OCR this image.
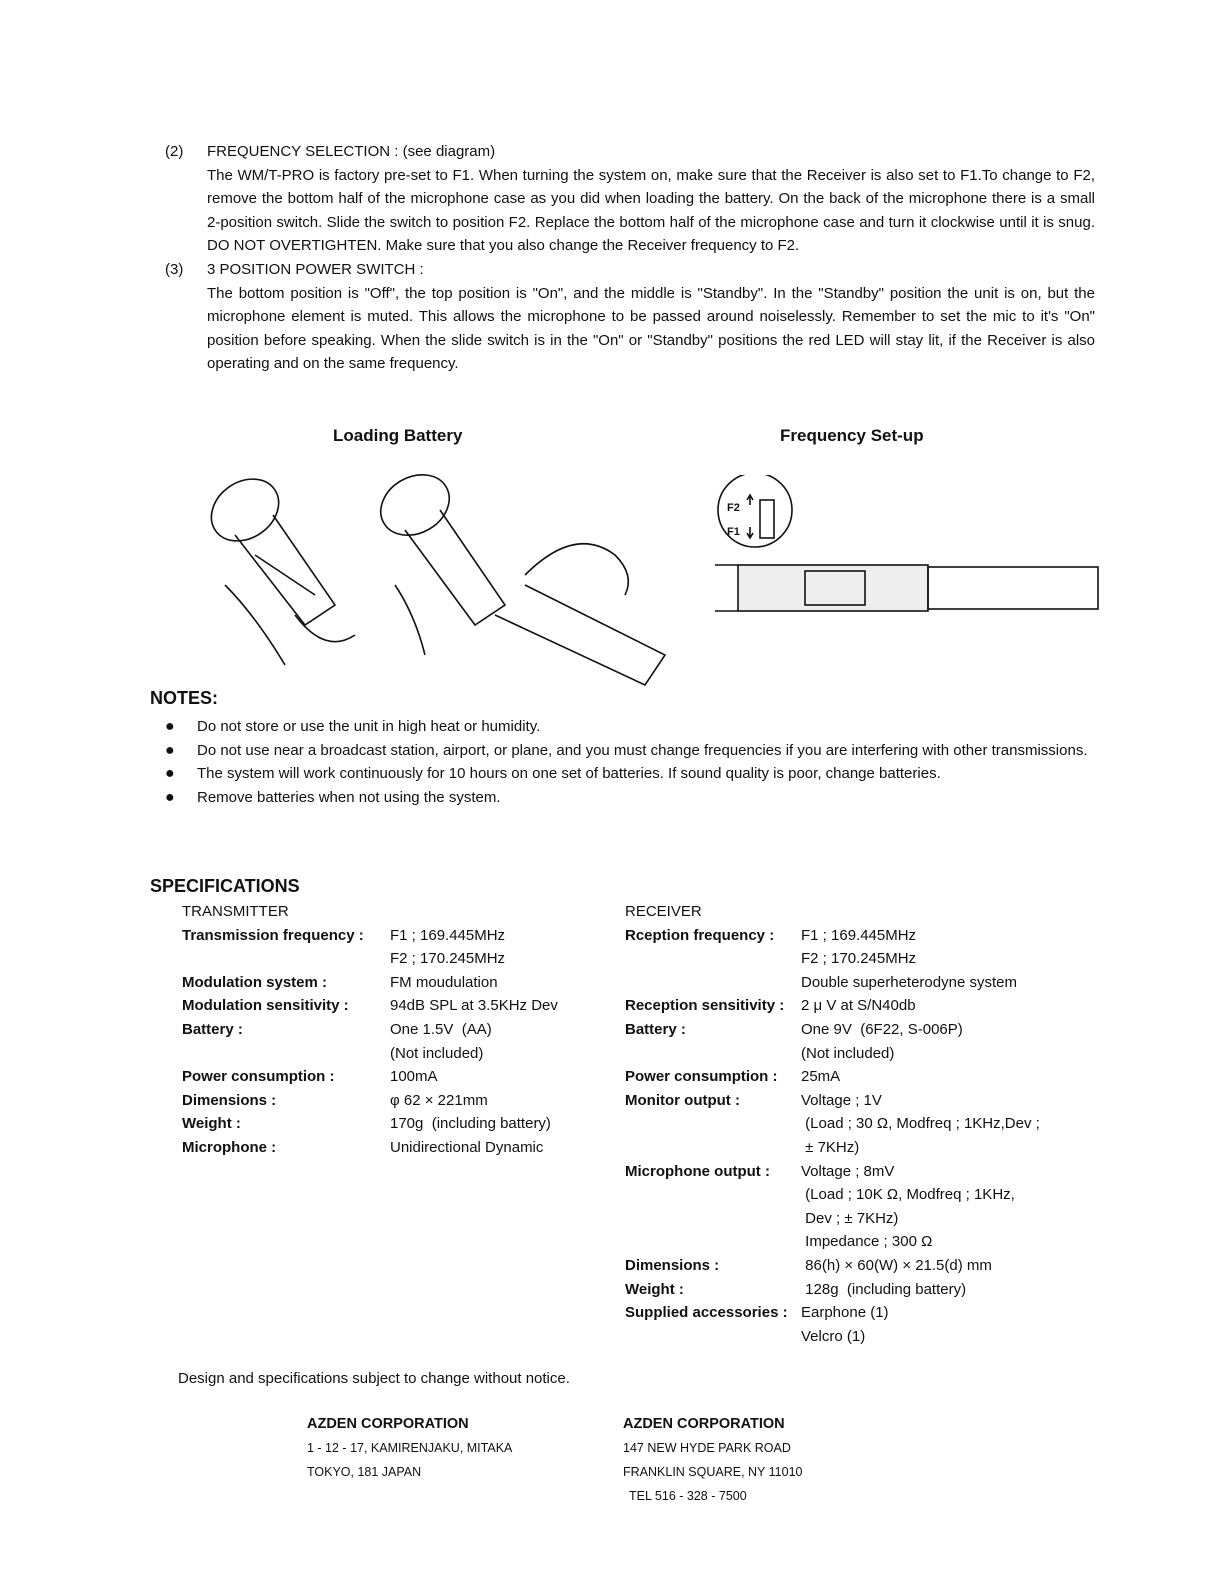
(2)	FREQUENCY SELECTION : (see diagram)
The WM/T-PRO is factory pre-set to F1. When turning the system on, make sure that the Receiver is also set to F1.To change to F2, remove the bottom half of the microphone case as you did when loading the battery. On the back of the microphone there is a small 2-position switch. Slide the switch to position F2. Replace the bottom half of the microphone case and turn it clockwise until it is snug. DO NOT OVERTIGHTEN. Make sure that you also change the Receiver frequency to F2.
(3)	3 POSITION POWER SWITCH :
The bottom position is "Off", the top position is "On", and the middle is "Standby". In the "Standby" position the unit is on, but the microphone element is muted. This allows the microphone to be passed around noiselessly. Remember to set the mic to it's "On" position before speaking. When the slide switch is in the "On" or "Standby" positions the red LED will stay lit, if the Receiver is also operating and on the same frequency.
Loading Battery	Frequency Set-up
F2
F1
NOTES:
●	Do not store or use the unit in high heat or humidity.
●	Do not use near a broadcast station, airport, or plane, and you must change frequencies if you are interfering with other transmissions.
●	The system will work continuously for 10 hours on one set of batteries. If sound quality is poor, change batteries.
●	Remove batteries when not using the system.
SPECIFICATIONS
TRANSMITTER
Transmission frequency :	F1 ; 169.445MHz
F2 ; 170.245MHz
Modulation system :	FM moudulation
Modulation sensitivity :	94dB SPL at 3.5KHz Dev
Battery :	One 1.5V  (AA)
(Not included)
Power consumption :	100mA
Dimensions :	φ 62 × 221mm
Weight :	170g  (including battery)
Microphone :	Unidirectional Dynamic
RECEIVER
Rception frequency :	F1 ; 169.445MHz
F2 ; 170.245MHz
Double superheterodyne system
Reception sensitivity :	2 μ V at S/N40db
Battery :	One 9V  (6F22, S-006P)
(Not included)
Power consumption :	25mA
Monitor output :	Voltage ; 1V
(Load ; 30 Ω, Modfreq ; 1KHz,Dev ;
± 7KHz)
Microphone output :	Voltage ; 8mV
(Load ; 10K Ω, Modfreq ; 1KHz,
Dev ; ± 7KHz)
Impedance ; 300 Ω
Dimensions :	86(h) × 60(W) × 21.5(d) mm
Weight :	128g  (including battery)
Supplied accessories : Earphone (1)
Velcro (1)
Design and specifications subject to change without notice.
AZDEN CORPORATION
1 - 12 - 17, KAMIRENJAKU, MITAKA
TOKYO, 181 JAPAN
AZDEN CORPORATION
147 NEW HYDE PARK ROAD
FRANKLIN SQUARE, NY 11010
TEL 516 - 328 - 7500
